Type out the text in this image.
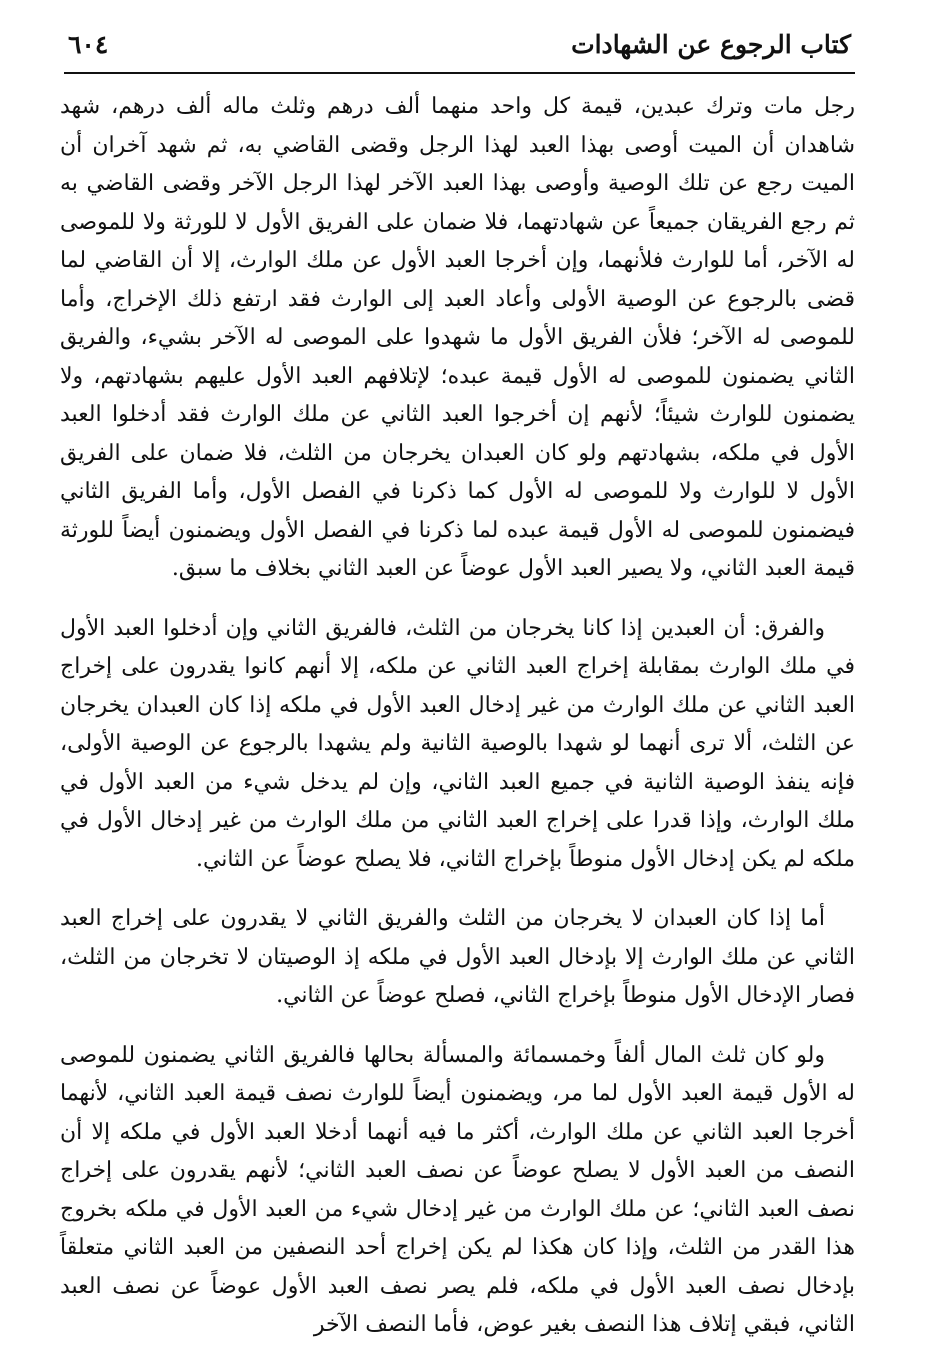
كتاب الرجوع عن الشهادات
٦٠٤

رجل مات وترك عبدين، قيمة كل واحد منهما ألف درهم وثلث ماله ألف درهم، شهد شاهدان أن الميت أوصى بهذا العبد لهذا الرجل وقضى القاضي به، ثم شهد آخران أن الميت رجع عن تلك الوصية وأوصى بهذا العبد الآخر لهذا الرجل الآخر وقضى القاضي به ثم رجع الفريقان جميعاً عن شهادتهما، فلا ضمان على الفريق الأول لا للورثة ولا للموصى له الآخر، أما للوارث فلأنهما، وإن أخرجا العبد الأول عن ملك الوارث، إلا أن القاضي لما قضى بالرجوع عن الوصية الأولى وأعاد العبد إلى الوارث فقد ارتفع ذلك الإخراج، وأما للموصى له الآخر؛ فلأن الفريق الأول ما شهدوا على الموصى له الآخر بشيء، والفريق الثاني يضمنون للموصى له الأول قيمة عبده؛ لإتلافهم العبد الأول عليهم بشهادتهم، ولا يضمنون للوارث شيئاً؛ لأنهم إن أخرجوا العبد الثاني عن ملك الوارث فقد أدخلوا العبد الأول في ملكه، بشهادتهم ولو كان العبدان يخرجان من الثلث، فلا ضمان على الفريق الأول لا للوارث ولا للموصى له الأول كما ذكرنا في الفصل الأول، وأما الفريق الثاني فيضمنون للموصى له الأول قيمة عبده لما ذكرنا في الفصل الأول ويضمنون أيضاً للورثة قيمة العبد الثاني، ولا يصير العبد الأول عوضاً عن العبد الثاني بخلاف ما سبق.

والفرق: أن العبدين إذا كانا يخرجان من الثلث، فالفريق الثاني وإن أدخلوا العبد الأول في ملك الوارث بمقابلة إخراج العبد الثاني عن ملكه، إلا أنهم كانوا يقدرون على إخراج العبد الثاني عن ملك الوارث من غير إدخال العبد الأول في ملكه إذا كان العبدان يخرجان عن الثلث، ألا ترى أنهما لو شهدا بالوصية الثانية ولم يشهدا بالرجوع عن الوصية الأولى، فإنه ينفذ الوصية الثانية في جميع العبد الثاني، وإن لم يدخل شيء من العبد الأول في ملك الوارث، وإذا قدرا على إخراج العبد الثاني من ملك الوارث من غير إدخال الأول في ملكه لم يكن إدخال الأول منوطاً بإخراج الثاني، فلا يصلح عوضاً عن الثاني.

أما إذا كان العبدان لا يخرجان من الثلث والفريق الثاني لا يقدرون على إخراج العبد الثاني عن ملك الوارث إلا بإدخال العبد الأول في ملكه إذ الوصيتان لا تخرجان من الثلث، فصار الإدخال الأول منوطاً بإخراج الثاني، فصلح عوضاً عن الثاني.

ولو كان ثلث المال ألفاً وخمسمائة والمسألة بحالها فالفريق الثاني يضمنون للموصى له الأول قيمة العبد الأول لما مر، ويضمنون أيضاً للوارث نصف قيمة العبد الثاني، لأنهما أخرجا العبد الثاني عن ملك الوارث، أكثر ما فيه أنهما أدخلا العبد الأول في ملكه إلا أن النصف من العبد الأول لا يصلح عوضاً عن نصف العبد الثاني؛ لأنهم يقدرون على إخراج نصف العبد الثاني؛ عن ملك الوارث من غير إدخال شيء من العبد الأول في ملكه بخروج هذا القدر من الثلث، وإذا كان هكذا لم يكن إخراج أحد النصفين من العبد الثاني متعلقاً بإدخال نصف العبد الأول في ملكه، فلم يصر نصف العبد الأول عوضاً عن نصف العبد الثاني، فبقي إتلاف هذا النصف بغير عوض، فأما النصف الآخر
